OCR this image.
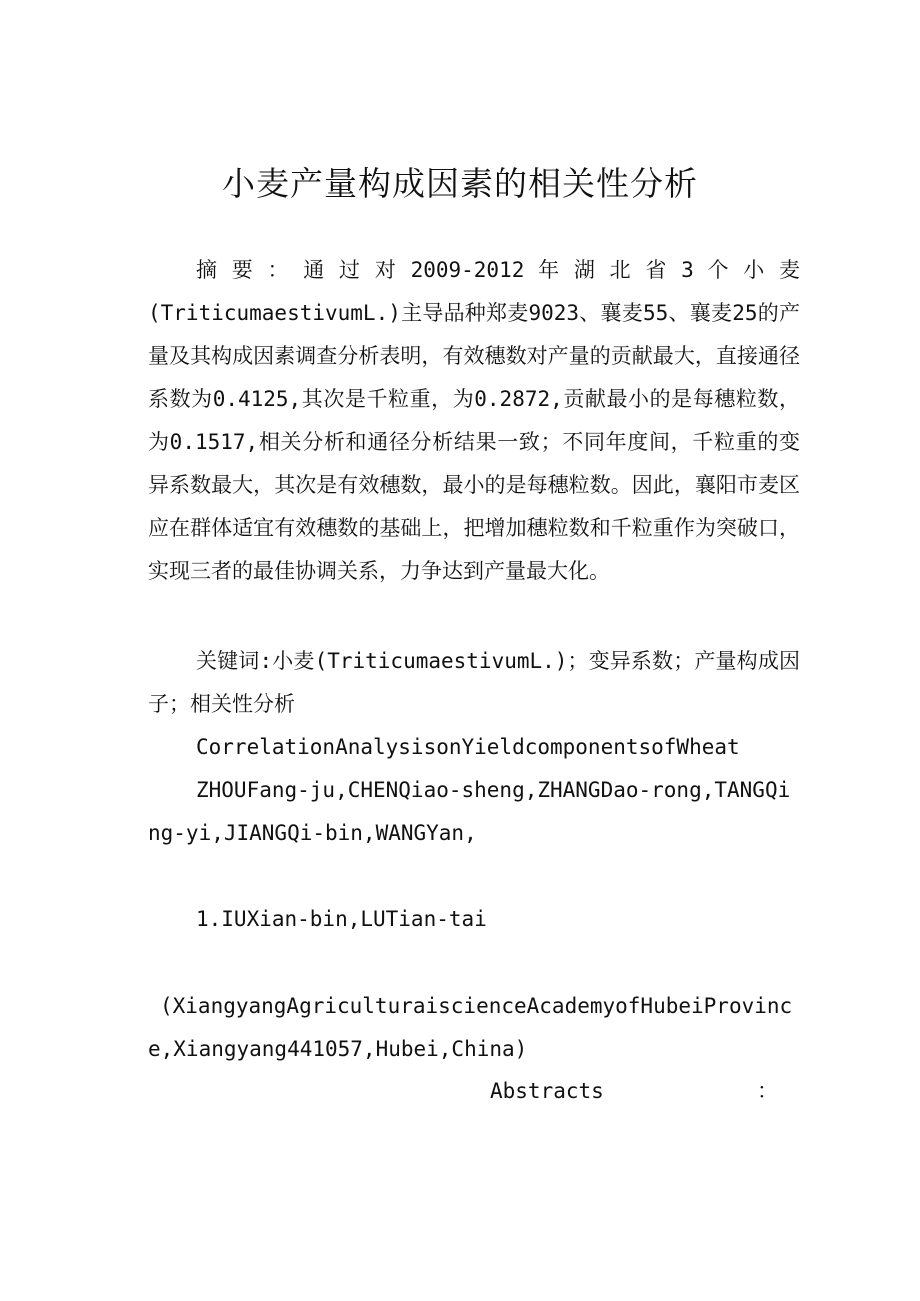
小麦产量构成因素的相关性分析
摘 要 ： 通 过 对 2009-2012 年 湖 北 省 3 个 小 麦 (TriticumaestivumL.)主导品种郑麦9023、襄麦55、襄麦25的产量及其构成因素调查分析表明，有效穗数对产量的贡献最大，直接通径系数为0.4125,其次是千粒重，为0.2872,贡献最小的是每穗粒数，为0.1517,相关分析和通径分析结果一致；不同年度间，千粒重的变异系数最大，其次是有效穗数，最小的是每穗粒数。因此，襄阳市麦区应在群体适宜有效穗数的基础上，把增加穗粒数和千粒重作为突破口，实现三者的最佳协调关系，力争达到产量最大化。
关键词:小麦(TriticumaestivumL.)；变异系数；产量构成因子；相关性分析
CorrelationAnalysisonYieldcomponentsofWheat
ZHOUFang-ju,CHENQiao-sheng,ZHANGDao-rong,TANGQing-yi,JIANGQi-bin,WANGYan,
1.IUXian-bin,LUTian-tai
(XiangyangAgriculturaiscienceAcademyofHubeiProvince,Xiangyang441057,Hubei,China)
Abstracts	：
